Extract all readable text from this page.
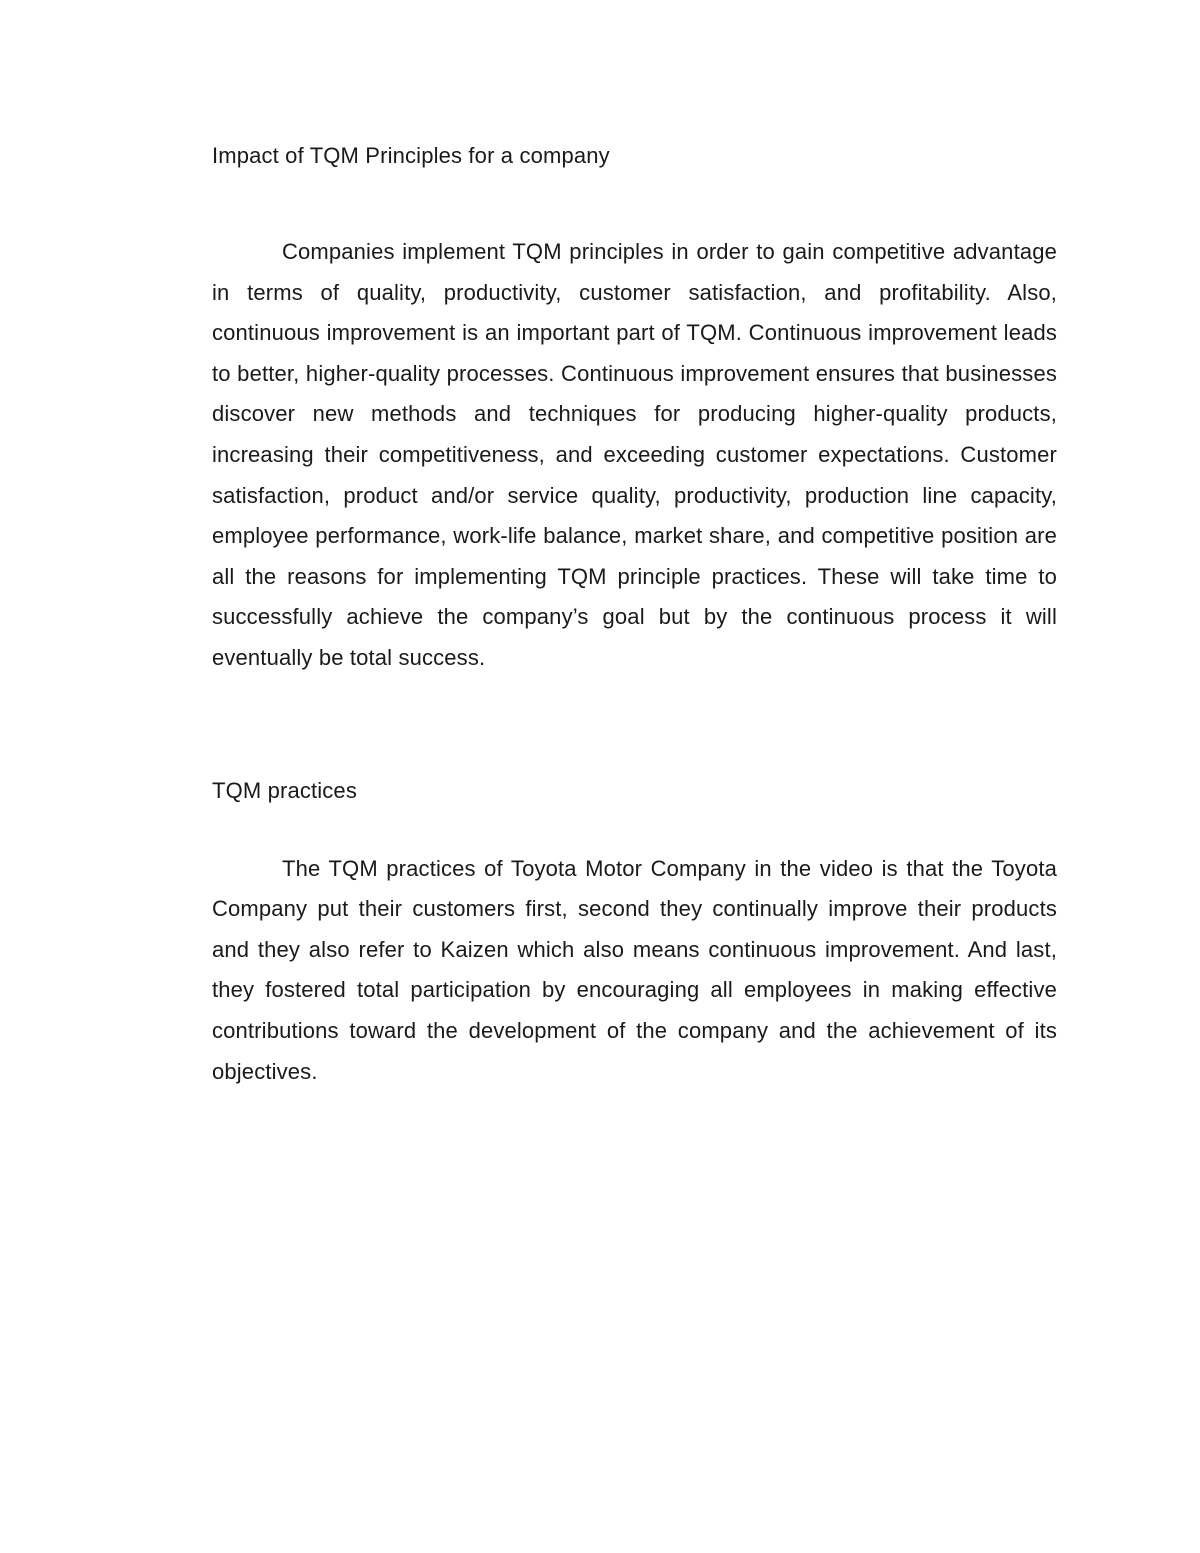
Impact of TQM Principles for a company

Companies implement TQM principles in order to gain competitive advantage in terms of quality, productivity, customer satisfaction, and profitability. Also, continuous improvement is an important part of TQM. Continuous improvement leads to better, higher-quality processes. Continuous improvement ensures that businesses discover new methods and techniques for producing higher-quality products, increasing their competitiveness, and exceeding customer expectations. Customer satisfaction, product and/or service quality, productivity, production line capacity, employee performance, work-life balance, market share, and competitive position are all the reasons for implementing TQM principle practices. These will take time to successfully achieve the company’s goal but by the continuous process it will eventually be total success.

TQM practices

The TQM practices of Toyota Motor Company in the video is that the Toyota Company put their customers first, second they continually improve their products and they also refer to Kaizen which also means continuous improvement. And last, they fostered total participation by encouraging all employees in making effective contributions toward the development of the company and the achievement of its objectives.
